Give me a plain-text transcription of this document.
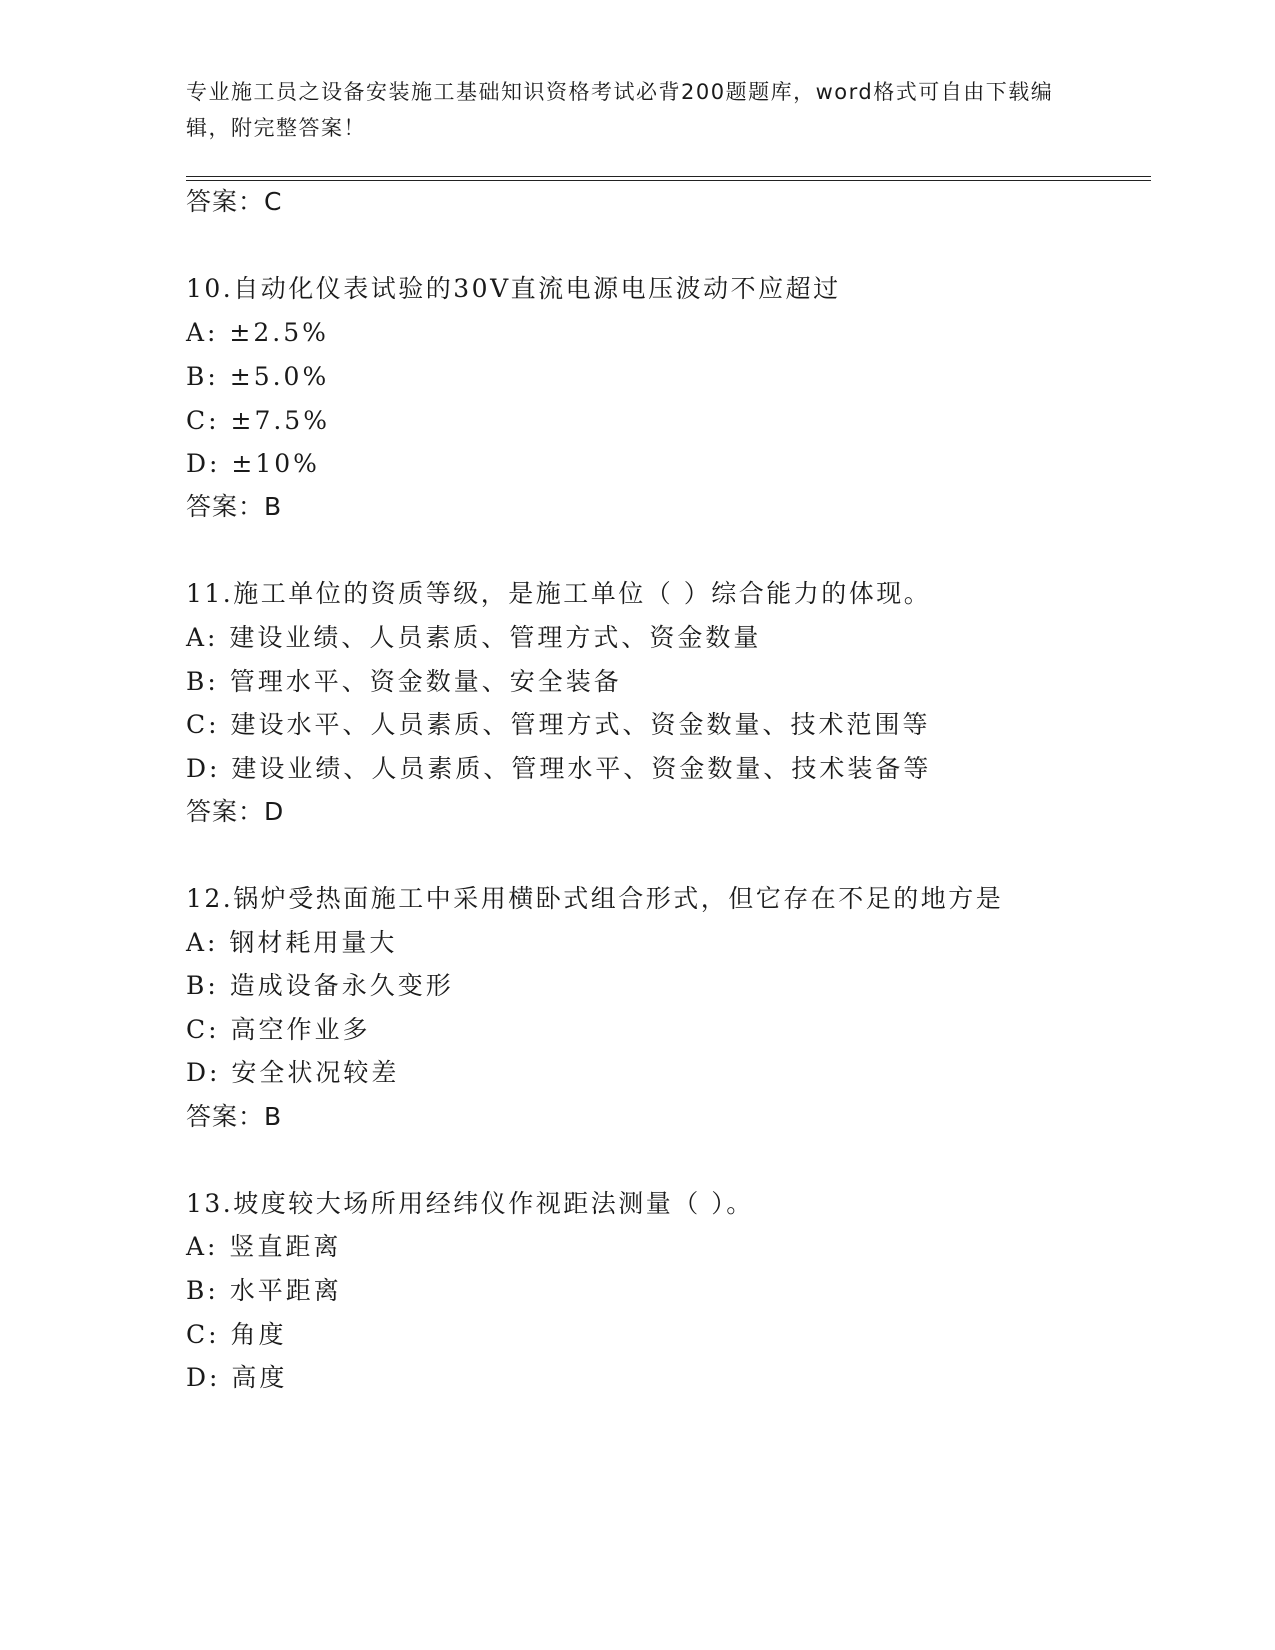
专业施工员之设备安装施工基础知识资格考试必背200题题库，word格式可自由下载编辑，附完整答案！
答案：C
10.自动化仪表试验的30V直流电源电压波动不应超过
A: ±2.5%
B: ±5.0%
C: ±7.5%
D: ±10%
答案：B
11.施工单位的资质等级，是施工单位（ ）综合能力的体现。
A: 建设业绩、人员素质、管理方式、资金数量
B: 管理水平、资金数量、安全装备
C: 建设水平、人员素质、管理方式、资金数量、技术范围等
D: 建设业绩、人员素质、管理水平、资金数量、技术装备等
答案：D
12.锅炉受热面施工中采用横卧式组合形式，但它存在不足的地方是
A: 钢材耗用量大
B: 造成设备永久变形
C: 高空作业多
D: 安全状况较差
答案：B
13.坡度较大场所用经纬仪作视距法测量（ ）。
A: 竖直距离
B: 水平距离
C: 角度
D: 高度
